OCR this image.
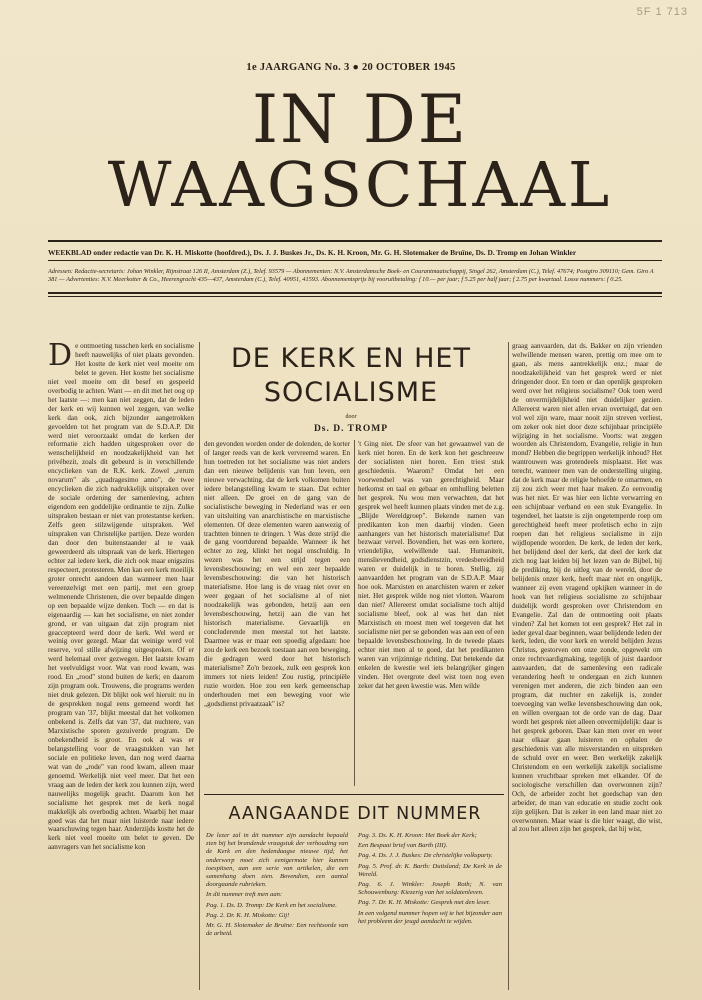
5F 1 713
1e JAARGANG No. 3 ● 20 OCTOBER 1945
IN DE
WAAGSCHAAL
WEEKBLAD onder redactie van Dr. K. H. Miskotte (hoofdred.), Ds. J. J. Buskes Jr., Ds. K. H. Kroon, Mr. G. H. Slotemaker de Bruïne, Ds. D. Tromp en Johan Winkler
Adressen: Redactie-secretaris: Johan Winkler, Rijnstraat 126 II, Amsterdam (Z.), Telef. 93579 — Abonnementen: N.V. Amsterdamsche Boek- en Courantmaatschappij, Singel 262, Amsterdam (C.), Telef. 47674; Postgiro 309110; Gem. Giro A 381 — Advertenties: N.V. Meerkotter & Co., Heerengracht 435—437, Amsterdam (C.), Telef. 40951, 41593. Abonnementsprijs bij vooruitbetaling: f 10.— per jaar; f 5.25 per half jaar; f 2.75 per kwartaal. Losse nummers: f 0.25.
D e ontmoeting tusschen kerk en socialisme heeft nauwelijks of niet plaats gevonden. Het kostte de kerk niet veel moeite om belet te geven. Het kostte het socialisme niet veel moeite om dit besef en gespeeld overbodig te achten. Want — en dit met het oog op het laatste —: men kan niet zeggen, dat de leden der kerk en wij kunnen wel zeggen, van welke kerk dan ook, zich bijzonder aangetrokken gevoelden tot het program van de S.D.A.P. Dit werd niet veroorzaakt omdat de kerken der reformatie zich hadden uitgesproken over de wenschelijkheid en noodzakelijkheid van het privébezit, zoals dit gebeurd is in verschillende encyclieken van de R.K. kerk. Zowel „rerum novarum" als „quadragesimo anno", de twee encyclieken die zich nadrukkelijk uitspraken over de sociale ordening der samenleving, achten eigendom een goddelijke ordinantie te zijn. Zulke uitspraken bestaan er niet van protestantse kerken. Zelfs geen stilzwijgende uitspraken. Wel uitspraken van Christelijke partijen. Deze worden dan door den buitenstaander al te vaak geweerdeerd als uitspraak van de kerk. Hiertegen echter zal iedere kerk, die zich ook maar enigszins respecteert, protesteren. Men kan een kerk moeilijk groter onrecht aandoen dan wanneer men haar vereenzelvigt met een partij, met een groep welmenende Christenen, die over bepaalde dingen op een bepaalde wijze denken. Toch — en dat is eigenaardig — kan het socialisme, en niet zonder grond, er van uitgaan dat zijn program niet geaccepteerd werd door de kerk. Wel werd er weinig over gezegd. Maar dat weinige werd vol reserve, vol stille afwijzing uitgesproken. Of er werd helemaal over gezwegen. Het laatste kwam het veelvuldigst voor. Wat van rood kwam, was rood. En „rood" stond buiten de kerk; en daarom zijn program ook. Trouwens, die programs werden niet druk gelezen. Dit blijkt ook wel hieruit: nu in de gesprekken nogal eens gemeend wordt het program van '37, blijkt meestal dat het volkomen onbekend is. Zelfs dat van '37, dat nuchtere, van Marxistische sporen gezuiverde program. De onbekendheid is groot. En ook al was er belangstelling voor de vraagstukken van het sociale en politieke leven, dan nog werd daarna wat van de „rode" van rood kwam, alleen maar genoemd. Werkelijk niet veel meer. Dat het een vraag aan de leden der kerk zou kunnen zijn, werd nauwelijks mogelijk geacht. Daarom kon het socialisme het gesprek met de kerk nogal makkelijk als overbodig achten. Waarbij het maar goed was dat het maar niet luisterde naar iedere waarschuwing tegen haar. Anderzijds kostte het de kerk niet veel moeite om belet te geven. De aanvragers van het socialisme kon

DE KERK EN HET
SOCIALISME
door
Ds. D. TROMP

den gevonden worden onder de dolenden, de korter of langer reeds van de kerk vervreemd waren. En hun toetreden tot het socialisme was niet anders dan een nieuwe belijdenis van hun leven, een nieuwe verwachting, dat de kerk volkomen buiten iedere belangstelling kwam te staan. Dat echter niet alleen. De groei en de gang van de socialistische beweging in Nederland was er een van uitsluiting van anarchistische en marxistische elementen. Of deze elementen waren aanwezig of trachtten binnen te dringen. 't Was deze strijd die de gang voortdurend bepaalde. Wanneer ik het echter zo zeg, klinkt het nogal onschuldig. In wezen was het een strijd tegen een levensbeschouwing; en wel een zeer bepaalde levensbeschouwing: die van het historisch materialisme. Hoe lang is de vraag niet over en weer gegaan of het socialisme al of niet noodzakelijk was gebonden, hetzij aan een levensbeschouwing, hetzij aan die van het historisch materialisme. Gevaarlijk en concluderende men meestal tot het laatste. Daarmee was er maar een spoedig afgedaan: hoe zou de kerk een bezoek toestaan aan een beweging, die gedragen werd door het historisch materialisme? Zo'n bezoek, zulk een gesprek kon immers tot niets leiden! Zou rustig, principiële ruzie worden. Hoe zou een kerk gemeenschap onderhouden met een beweging voor wie „godsdienst privaatzaak" is?

't Ging niet. De sfeer van het gewaanwel van de kerk niet horen. En de kerk kon het geschreeuw der socialisten niet horen. Een triest stuk geschiedenis. Waarom? Omdat het een voorwendsel was van gerechtigheid. Maar hetkomst en taal en gebaar en omhulling beletten het gesprek. Nu wou men verwachten, dat het gesprek wel heeft kunnen plaats vinden met de z.g. „Blijde Wereldgroep". Bekende namen van predikanten kon men daarbij vinden. Geen aanhangers van het historisch materialisme! Dat bezwaar vervel. Bovendien, het was een kortere, vriendelijke, welwillende taal. Humaniteit, menslievendheid, godsdienstzin, vredesbereidheid waren er duidelijk in te horen. Stellig, zij aanvaardden het program van de S.D.A.P. Maar hoe ook. Marxisten en anarchisten waren er zeker niet. Het gesprek wilde nog niet vlotten. Waarom dan niet? Allereerst omdat socialisme toch altijd socialisme bleef, ook al was het dan niet Marxistisch en moest men wel toegeven dat het socialisme niet per se gebonden was aan een of een bepaalde levensbeschouwing. In de tweede plaats echter niet men al te goed, dat het predikanten waren van vrijzinnige richting. Dat betekende dat enkelen de kwestie wel iets belangrijker gingen vinden. Het overgrote deel wist toen nog even zeker dat het geen kwestie was. Men wilde

graag aanvaarden, dat ds. Bakker en zijn vrienden welwillende mensen waren, prettig om mee om te gaan, als mens aantrekkelijk enz.; maar de noodzakelijkheid van het gesprek werd er niet dringender door. En toen er dan openlijk gesproken werd over het religieus socialisme? Ook toen werd de onvermijdelijkheid niet duidelijker gezien. Allereerst waren niet allen ervan overtuigd, dat een vol wel zijn ware, maar nooit zijn streven verliest, om zeker ook niet door deze schijnbaar principiële wijziging in het socialisme. Voorts: wat zeggen woorden als Christendom, Evangelie, religie in hun mond? Hebben die begrippen werkelijk inhoud? Het wantrouwen was grotendeels misplaatst. Het was terecht, wanneer men van de onderstelling uitging, dat de kerk maar de religie behoefde te omarmen, en zij zou zich weer met haar maken. Zo eenvoudig was het niet. Er was hier een lichte verwarring en een schijnbaar verband en een stuk Evangelie. In tegendeel, het laatste is zijn ongetemperde roep om gerechtigheid heeft meer profetisch echo in zijn roepen dan het religieus socialisme in zijn wijdlopende woorden. De kerk, de leden der kerk, het belijdend deel der kerk, dat deel der kerk dat zich nog laat leiden bij het lezen van de Bijbel, bij de prediking, bij de uitleg van de wereld, door de belijdenis onzer kerk, heeft maar niet en ongelijk, wanneer zij even vragend opkijken wanneer in de hoek van het religieus socialisme zo schijnbaar duidelijk wordt gesproken over Christendom en Evangelie. Zal dan de ontmoeting ooit plaats vinden? Zal het komen tot een gesprek? Het zal in ieder geval daar beginnen, waar belijdende leden der kerk, leden, die voor kerk en wereld belijden Jezus Christus, gestorven om onze zonde, opgewekt om onze rechtvaardigmaking, tegelijk of juist daardoor aanvaarden, dat de samenleving een radicale verandering heeft te ondergaan en zich kunnen verenigen met anderen, die zich binden aan een program, dat nuchter en zakelijk is, zonder toevoeging van welke levensbeschouwing dan ook, en willen overgaan tot de orde van de dag. Daar wordt het gesprek niet alleen onvermijdelijk: daar is het gesprek geboren. Daar kan men over en weer naar elkaar gaan luisteren en ophalen de geschiedenis van alle misverstanden en uitspreken de schuld over en weer. Ben werkelijk zakelijk Christendom en een werkelijk zakelijk socialisme kunnen vruchtbaar spreken met elkander. Of de sociologische verschillen dan overwonnen zijn? Och, de arbeider zocht het goedschap van den arbeider, de man van educatie en studie zocht ook zijn gelijken. Dat is zeker in een land maar niet zo overwonnen. Maar waar is die hier waagt, die wist, al zou het alleen zijn het gesprek, dat hij wist,

AANGAANDE DIT NUMMER

De lezer zal in dit nummer zijn aandacht bepaald zien bij het brandende vraagstuk der verhouding van de Kerk en den hedendaagse nieuwe tijd; het onderwerp moet zich eenigermate hier kunnen toespitsen, aan een serie van artikelen, die een samenhang doen zien. Bovendien, een aantal doorgaande rubrieken.

In dit nummer treft men aan:

Pag. 1. Ds. D. Tromp: De Kerk en het socialisme.

Pag. 2. Dr. K. H. Miskotte: Gij!

Mr. G. H. Slotemaker de Bruïne: Een rechtsorde van de arbeid.

Pag. 3. Ds. K. H. Kroon: Het Boek der Kerk;

Een Bespaai brief van Barth (III).

Pag. 4. Ds. J. J. Buskes: De christelijke volksparty.

Pag. 5. Prof. dr. K. Barth: Duitsland; De Kerk in de Wereld.

Pag. 6. J. Winkler: Joseph Roth; N. van Schouwenburg: Kiezerig van het soldatenleven.

Pag. 7. Dr. K. H. Miskotte: Gesprek met den leser.

In een volgend nummer hopen wij te het bijzonder aan het probleem der jeugd aandacht te wijden.
